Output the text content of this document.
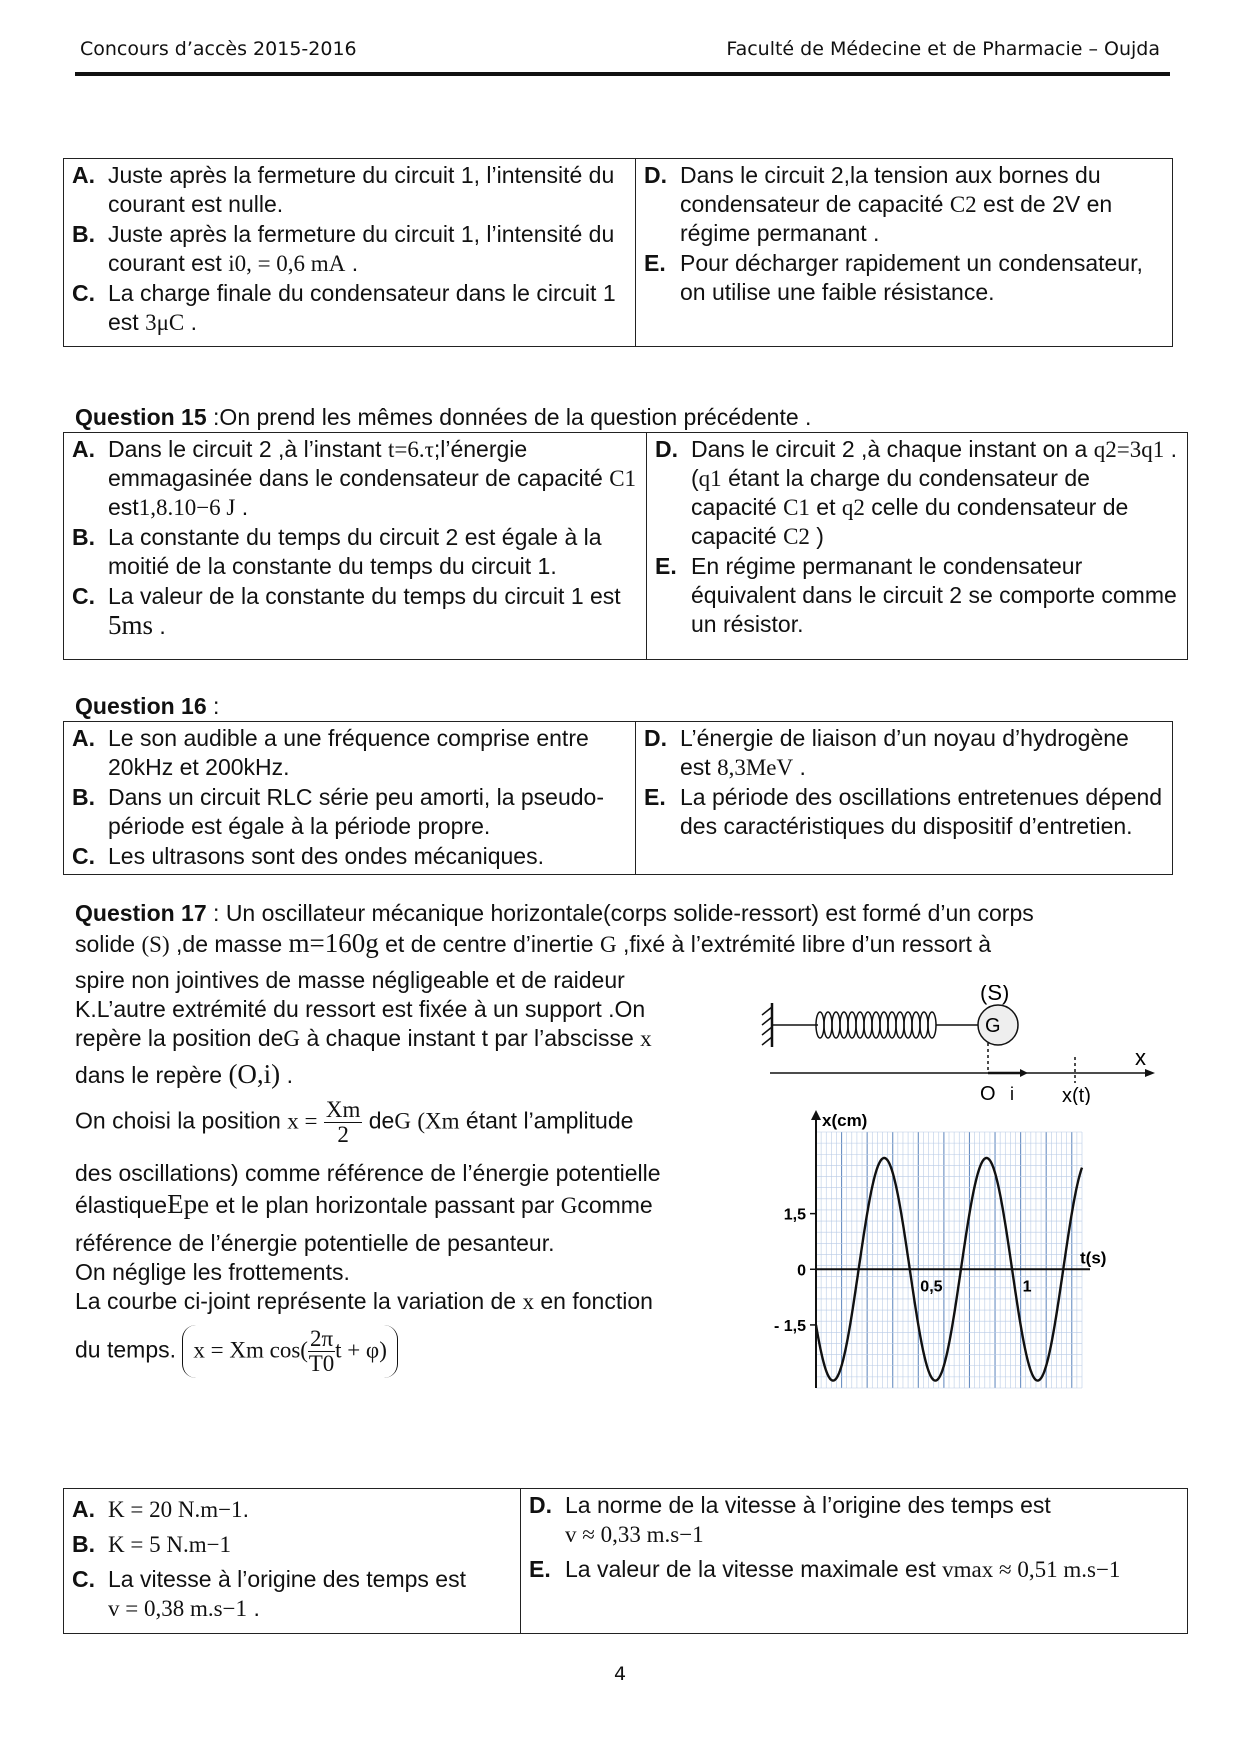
Concours d’accès 2015-2016	Faculté de Médecine et de Pharmacie – Oujda
A. Juste après la fermeture du circuit 1, l’intensité du courant est nulle.
B. Juste après la fermeture du circuit 1, l’intensité du courant est i0, = 0,6 mA .
C. La charge finale du condensateur dans le circuit 1 est 3μC .

D. Dans le circuit 2,la tension aux bornes du condensateur de capacité C2 est de 2V en régime permanant .
E. Pour décharger rapidement un condensateur, on utilise une faible résistance.
Question 15 :On prend les mêmes données de la question précédente .
A. Dans le circuit 2 ,à l’instant t=6.τ;l’énergie emmagasinée dans le condensateur de capacité C1 est1,8.10−6 J .
B. La constante du temps du circuit 2 est égale à la moitié de la constante du temps du circuit 1.
C. La valeur de la constante du temps du circuit 1 est 5ms .

D. Dans le circuit 2 ,à chaque instant on a q2=3q1 . (q1 étant la charge du condensateur de capacité C1 et q2 celle du condensateur de capacité C2 )
E. En régime permanant le condensateur équivalent dans le circuit 2 se comporte comme un résistor.
Question 16 :
A. Le son audible a une fréquence comprise entre 20kHz et 200kHz.
B. Dans un circuit RLC série peu amorti, la pseudo-période est égale à la période propre.
C. Les ultrasons sont des ondes mécaniques.

D. L’énergie de liaison d’un noyau d’hydrogène est 8,3MeV .
E. La période des oscillations entretenues dépend des caractéristiques du dispositif d’entretien.
Question 17 : Un oscillateur mécanique horizontale(corps solide-ressort) est formé d’un corps
solide (S) ,de masse m=160g et de centre d’inertie G ,fixé à l’extrémité libre d’un ressort à
spire non jointives de masse négligeable et de raideur
K.L’autre extrémité du ressort est fixée à un support .On
repère la position deG à chaque instant t par l’abscisse x
dans le repère (O,i) .
On choisi la position $x = \frac{Xm}{2}$ deG (Xm étant l’amplitude
des oscillations) comme référence de l’énergie potentielle
élastiqueEpe et le plan horizontale passant par Gcomme
référence de l’énergie potentielle de pesanteur.
On néglige les frottements.
La courbe ci-joint représente la variation de x en fonction
du temps. x = Xm $\cos( \frac{2\pi}{T0}$ t + φ)
G
(S)
x
O i x(t)
x(cm)
t(s)
1,5
0
- 1,5
0,5	1
A. K = 20 N.m−1.
B. K = 5 N.m−1
C. La vitesse à l’origine des temps est
v = 0,38 m.s−1 .

D. La norme de la vitesse à l’origine des temps est
v ≈ 0,33 m.s−1
E. La valeur de la vitesse maximale est vmax ≈ 0,51 m.s−1
4
